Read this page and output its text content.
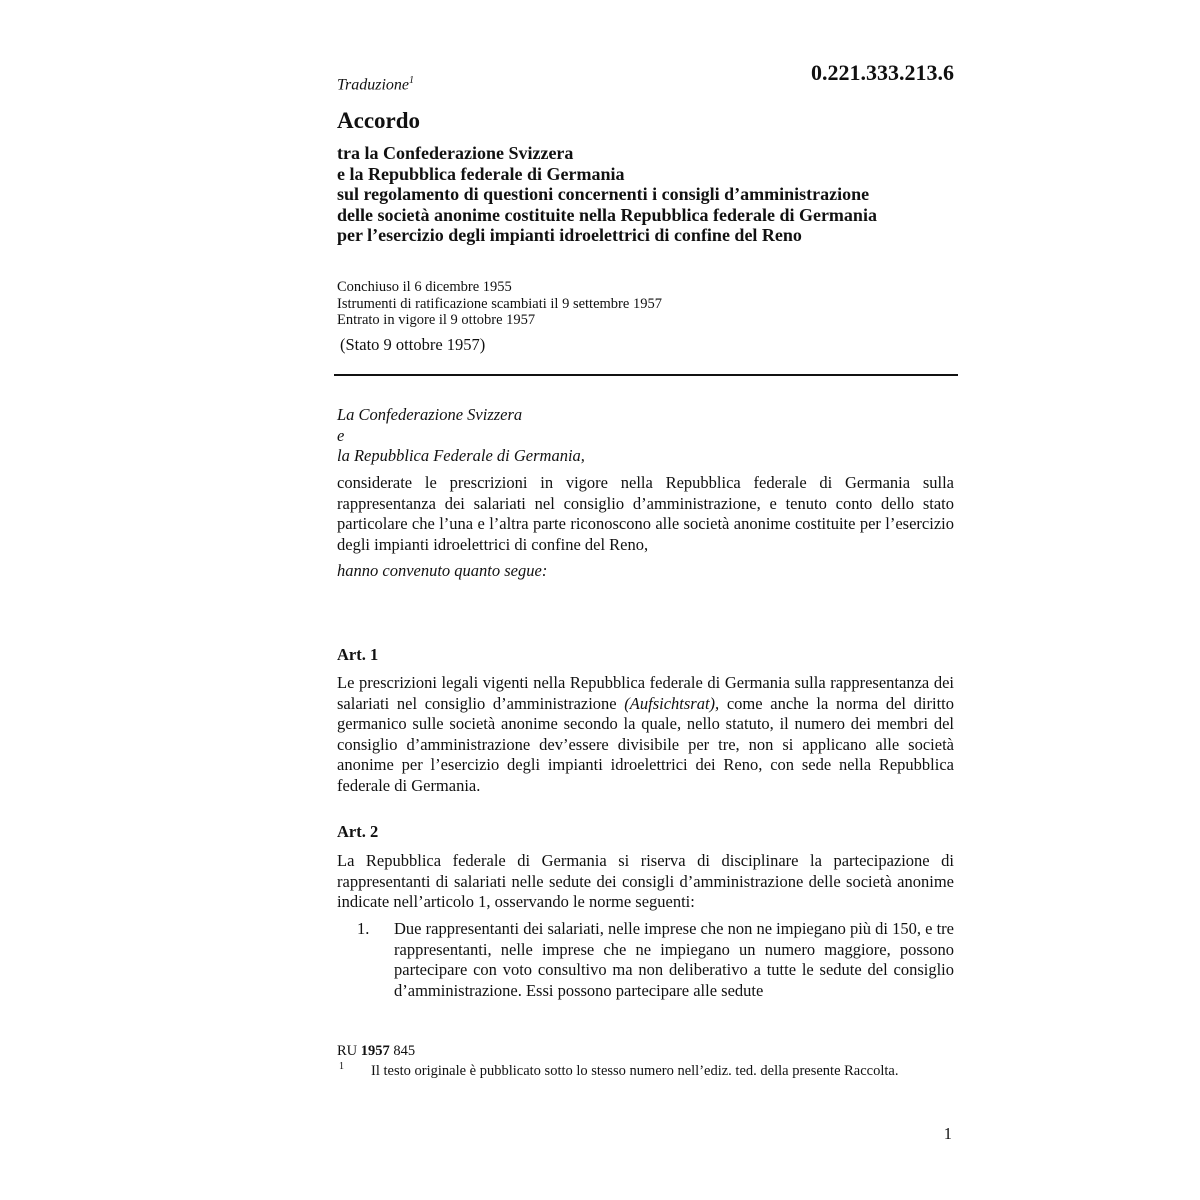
Traduzione$^1$	0.221.333.213.6
Accordo
tra la Confederazione Svizzera
e la Repubblica federale di Germania
sul regolamento di questioni concernenti i consigli d’amministrazione
delle società anonime costituite nella Repubblica federale di Germania
per l’esercizio degli impianti idroelettrici di confine del Reno
Conchiuso il 6 dicembre 1955
Istrumenti di ratificazione scambiati il 9 settembre 1957
Entrato in vigore il 9 ottobre 1957
(Stato 9 ottobre 1957)
La Confederazione Svizzera
e
la Repubblica Federale di Germania,
considerate le prescrizioni in vigore nella Repubblica federale di Germania sulla rappresentanza dei salariati nel consiglio d’amministrazione, e tenuto conto dello stato particolare che l’una e l’altra parte riconoscono alle società anonime costituite per l’esercizio degli impianti idroelettrici di confine del Reno,
hanno convenuto quanto segue:
Art. 1
Le prescrizioni legali vigenti nella Repubblica federale di Germania sulla rappresentanza dei salariati nel consiglio d’amministrazione (Aufsichtsrat), come anche la norma del diritto germanico sulle società anonime secondo la quale, nello statuto, il numero dei membri del consiglio d’amministrazione dev’essere divisibile per tre, non si applicano alle società anonime per l’esercizio degli impianti idroelettrici dei Reno, con sede nella Repubblica federale di Germania.
Art. 2
La Repubblica federale di Germania si riserva di disciplinare la partecipazione di rappresentanti di salariati nelle sedute dei consigli d’amministrazione delle società anonime indicate nell’articolo 1, osservando le norme seguenti:
1. Due rappresentanti dei salariati, nelle imprese che non ne impiegano più di 150, e tre rappresentanti, nelle imprese che ne impiegano un numero maggiore, possono partecipare con voto consultivo ma non deliberativo a tutte le sedute del consiglio d’amministrazione. Essi possono partecipare alle sedute
RU 1957 845
1 Il testo originale è pubblicato sotto lo stesso numero nell’ediz. ted. della presente Raccolta.
1
